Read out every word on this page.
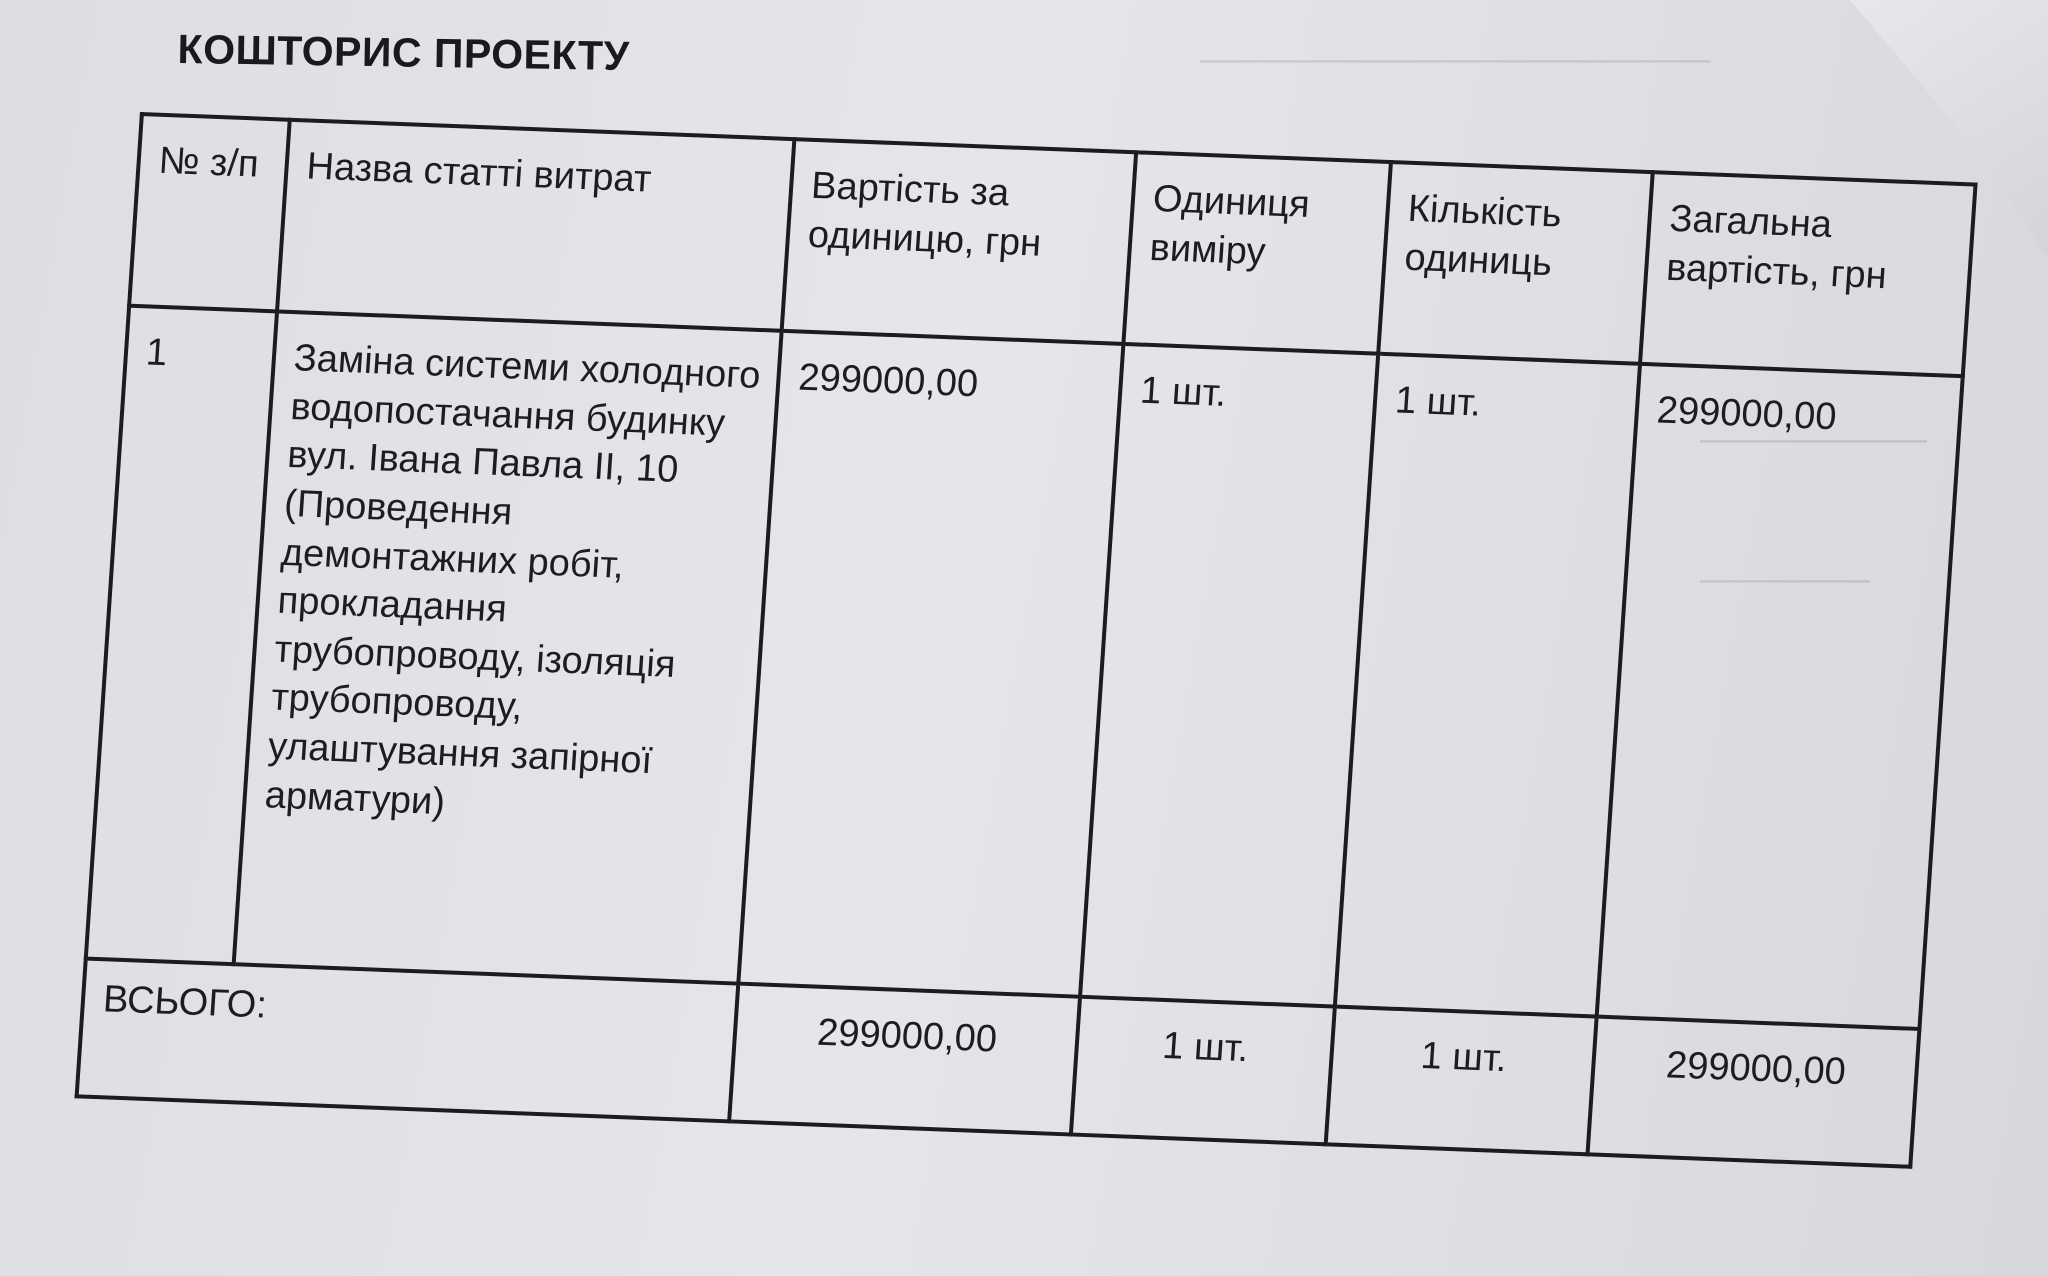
–––––––––––––––––––––––––––
––––––––––––
–––––––––
КОШТОРИС ПРОЕКТУ
№ з/п	Назва статті витрат	Вартість за одиницю, грн	Одиниця виміру	Кількість одиниць	Загальна вартість, грн
1	Заміна системи холодного водопостачання будинку вул. Івана Павла ІІ, 10 (Проведення демонтажних робіт, прокладання трубопроводу, ізоляція трубопроводу, улаштування запірної арматури)	299000,00	1 шт.	1 шт.	299000,00
ВСЬОГО:		299000,00	1 шт.	1 шт.	299000,00
